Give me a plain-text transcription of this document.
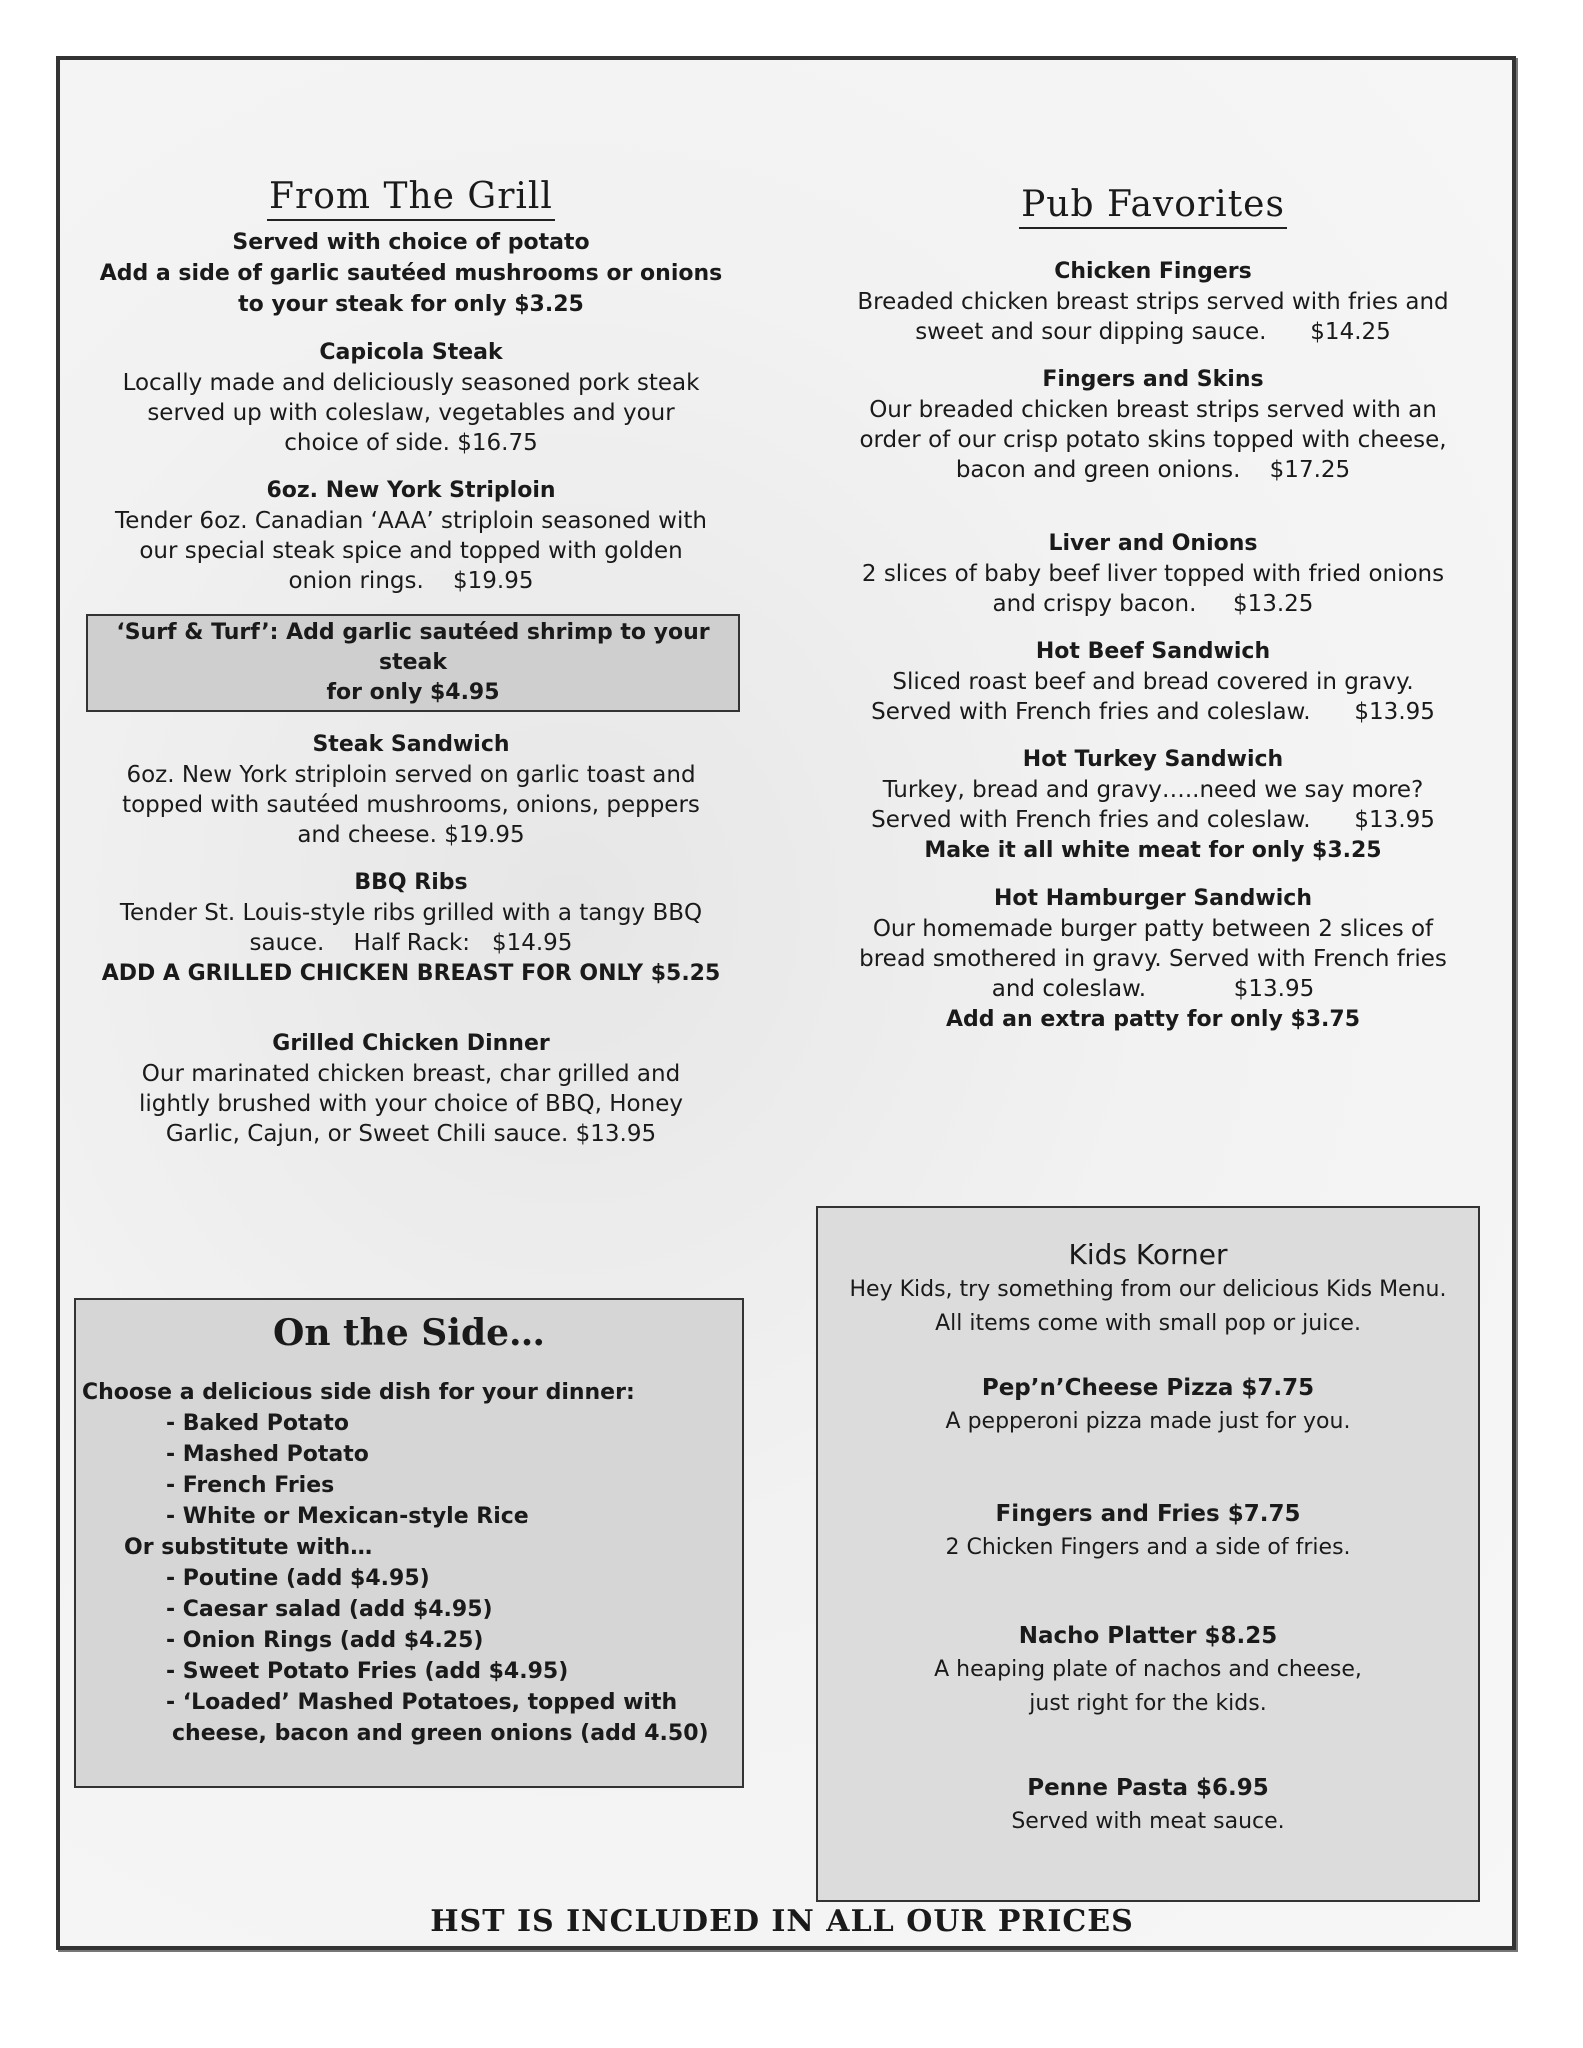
From The Grill
Served with choice of potato
Add a side of garlic sautéed mushrooms or onions
to your steak for only $3.25
Capicola Steak
Locally made and deliciously seasoned pork steak
served up with coleslaw, vegetables and your
choice of side. $16.75
6oz. New York Striploin
Tender 6oz. Canadian ‘AAA’ striploin seasoned with
our special steak spice and topped with golden
onion rings.    $19.95
‘Surf & Turf’: Add garlic sautéed shrimp to your steak
for only $4.95
Steak Sandwich
6oz. New York striploin served on garlic toast and
topped with sautéed mushrooms, onions, peppers
and cheese. $19.95
BBQ Ribs
Tender St. Louis-style ribs grilled with a tangy BBQ
sauce.    Half Rack:   $14.95
ADD A GRILLED CHICKEN BREAST FOR ONLY $5.25
Grilled Chicken Dinner
Our marinated chicken breast, char grilled and
lightly brushed with your choice of BBQ, Honey
Garlic, Cajun, or Sweet Chili sauce. $13.95
Pub Favorites
Chicken Fingers
Breaded chicken breast strips served with fries and
sweet and sour dipping sauce.      $14.25
Fingers and Skins
Our breaded chicken breast strips served with an
order of our crisp potato skins topped with cheese,
bacon and green onions.    $17.25
Liver and Onions
2 slices of baby beef liver topped with fried onions
and crispy bacon.     $13.25
Hot Beef Sandwich
Sliced roast beef and bread covered in gravy.
Served with French fries and coleslaw.      $13.95
Hot Turkey Sandwich
Turkey, bread and gravy…..need we say more?
Served with French fries and coleslaw.      $13.95
Make it all white meat for only $3.25
Hot Hamburger Sandwich
Our homemade burger patty between 2 slices of
bread smothered in gravy. Served with French fries
and coleslaw.            $13.95
Add an extra patty for only $3.75
On the Side…
Choose a delicious side dish for your dinner:
- Baked Potato
- Mashed Potato
- French Fries
- White or Mexican-style Rice
Or substitute with…
- Poutine (add $4.95)
- Caesar salad (add $4.95)
- Onion Rings (add $4.25)
- Sweet Potato Fries (add $4.95)
- ‘Loaded’ Mashed Potatoes, topped with
cheese, bacon and green onions (add 4.50)
Kids Korner
Hey Kids, try something from our delicious Kids Menu.
All items come with small pop or juice.
Pep’n’Cheese Pizza $7.75
A pepperoni pizza made just for you.
Fingers and Fries $7.75
2 Chicken Fingers and a side of fries.
Nacho Platter $8.25
A heaping plate of nachos and cheese,
just right for the kids.
Penne Pasta $6.95
Served with meat sauce.
HST IS INCLUDED IN ALL OUR PRICES
